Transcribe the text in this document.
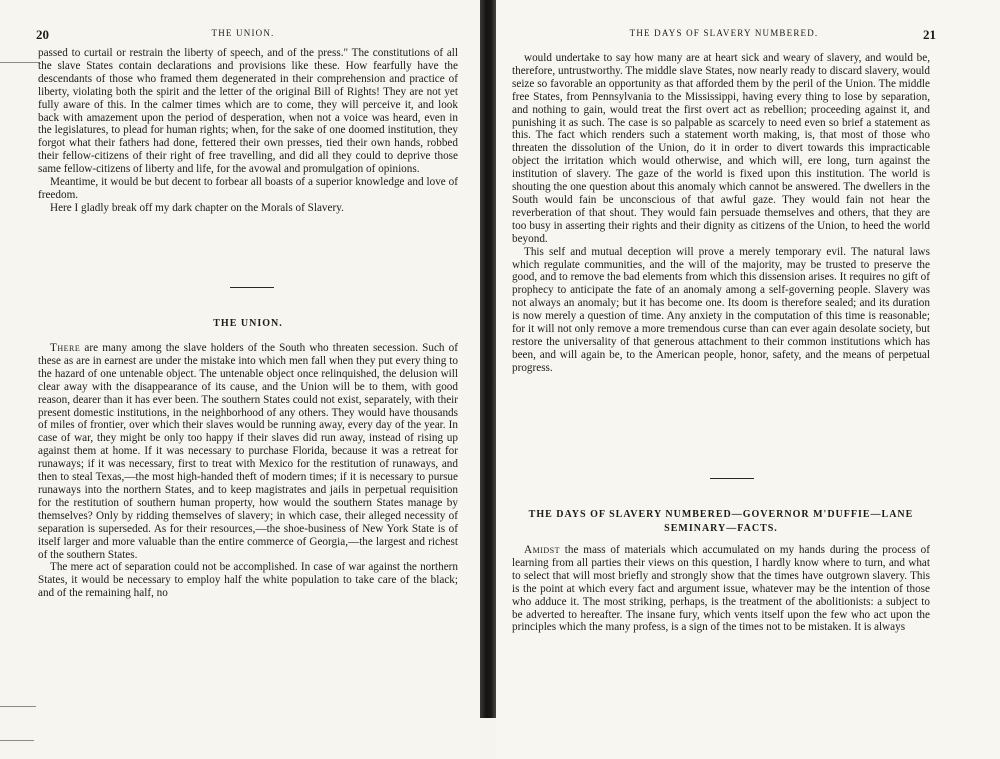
20	THE UNION.

passed to curtail or restrain the liberty of speech, and of the press." The constitutions of all the slave States contain declarations and provisions like these. How fearfully have the descendants of those who framed them degenerated in their comprehension and practice of liberty, violating both the spirit and the letter of the original Bill of Rights! They are not yet fully aware of this. In the calmer times which are to come, they will perceive it, and look back with amazement upon the period of desperation, when not a voice was heard, even in the legislatures, to plead for human rights; when, for the sake of one doomed institution, they forgot what their fathers had done, fettered their own presses, tied their own hands, robbed their fellow-citizens of their right of free travelling, and did all they could to deprive those same fellow-citizens of liberty and life, for the avowal and promulgation of opinions.

Meantime, it would be but decent to forbear all boasts of a superior knowledge and love of freedom.

Here I gladly break off my dark chapter on the Morals of Slavery.

THE UNION.

There are many among the slave holders of the South who threaten secession. Such of these as are in earnest are under the mistake into which men fall when they put every thing to the hazard of one untenable object. The untenable object once relinquished, the delusion will clear away with the disappearance of its cause, and the Union will be to them, with good reason, dearer than it has ever been. The southern States could not exist, separately, with their present domestic institutions, in the neighborhood of any others. They would have thousands of miles of frontier, over which their slaves would be running away, every day of the year. In case of war, they might be only too happy if their slaves did run away, instead of rising up against them at home. If it was necessary to purchase Florida, because it was a retreat for runaways; if it was necessary, first to treat with Mexico for the restitution of runaways, and then to steal Texas,—the most high-handed theft of modern times; if it is necessary to pursue runaways into the northern States, and to keep magistrates and jails in perpetual requisition for the restitution of southern human property, how would the southern States manage by themselves? Only by ridding themselves of slavery; in which case, their alleged necessity of separation is superseded. As for their resources,—the shoe-business of New York State is of itself larger and more valuable than the entire commerce of Georgia,—the largest and richest of the southern States.

The mere act of separation could not be accomplished. In case of war against the northern States, it would be necessary to employ half the white population to take care of the black; and of the remaining half, no

THE DAYS OF SLAVERY NUMBERED.	21

would undertake to say how many are at heart sick and weary of slavery, and would be, therefore, untrustworthy. The middle slave States, now nearly ready to discard slavery, would seize so favorable an opportunity as that afforded them by the peril of the Union. The middle free States, from Pennsylvania to the Mississippi, having every thing to lose by separation, and nothing to gain, would treat the first overt act as rebellion; proceeding against it, and punishing it as such. The case is so palpable as scarcely to need even so brief a statement as this. The fact which renders such a statement worth making, is, that most of those who threaten the dissolution of the Union, do it in order to divert towards this impracticable object the irritation which would otherwise, and which will, ere long, turn against the institution of slavery. The gaze of the world is fixed upon this institution. The world is shouting the one question about this anomaly which cannot be answered. The dwellers in the South would fain be unconscious of that awful gaze. They would fain not hear the reverberation of that shout. They would fain persuade themselves and others, that they are too busy in asserting their rights and their dignity as citizens of the Union, to heed the world beyond.

This self and mutual deception will prove a merely temporary evil. The natural laws which regulate communities, and the will of the majority, may be trusted to preserve the good, and to remove the bad elements from which this dissension arises. It requires no gift of prophecy to anticipate the fate of an anomaly among a self-governing people. Slavery was not always an anomaly; but it has become one. Its doom is therefore sealed; and its duration is now merely a question of time. Any anxiety in the computation of this time is reasonable; for it will not only remove a more tremendous curse than can ever again desolate society, but restore the universality of that generous attachment to their common institutions which has been, and will again be, to the American people, honor, safety, and the means of perpetual progress.

THE DAYS OF SLAVERY NUMBERED—GOVERNOR M'DUFFIE—LANE SEMINARY—FACTS.

Amidst the mass of materials which accumulated on my hands during the process of learning from all parties their views on this question, I hardly know where to turn, and what to select that will most briefly and strongly show that the times have outgrown slavery. This is the point at which every fact and argument issue, whatever may be the intention of those who adduce it. The most striking, perhaps, is the treatment of the abolitionists: a subject to be adverted to hereafter. The insane fury, which vents itself upon the few who act upon the principles which the many profess, is a sign of the times not to be mistaken. It is always
